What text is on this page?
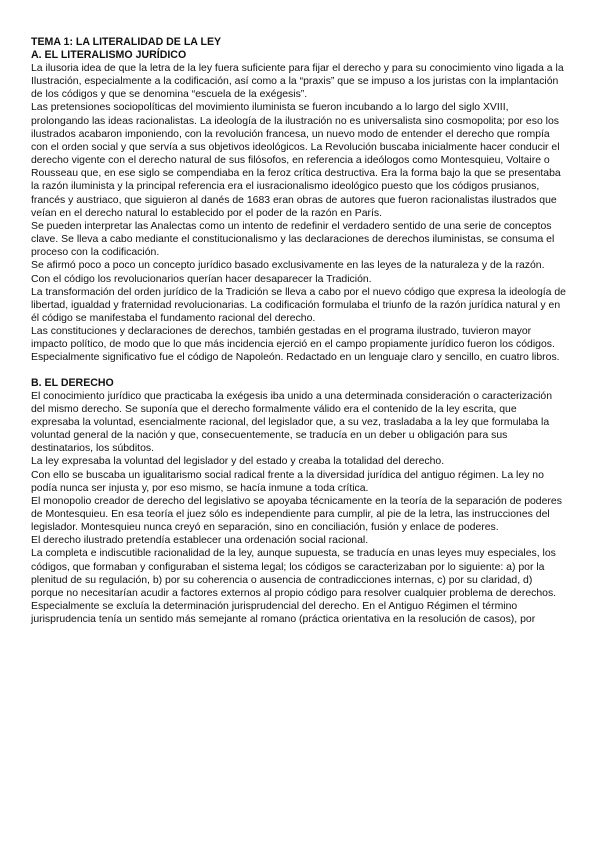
TEMA 1: LA LITERALIDAD DE LA LEY
A. EL LITERALISMO JURÍDICO

La ilusoria idea de que la letra de la ley fuera suficiente para fijar el derecho y para su conocimiento vino ligada a la Ilustración, especialmente a la codificación, así como a la “praxis” que se impuso a los juristas con la implantación de los códigos y que se denomina “escuela de la exégesis”.

Las pretensiones sociopolíticas del movimiento iluminista se fueron incubando a lo largo del siglo XVIII, prolongando las ideas racionalistas. La ideología de la ilustración no es universalista sino cosmopolita; por eso los ilustrados acabaron imponiendo, con la revolución francesa, un nuevo modo de entender el derecho que rompía con el orden social y que servía a sus objetivos ideológicos. La Revolución buscaba inicialmente hacer conducir el derecho vigente con el derecho natural de sus filósofos, en referencia a ideólogos como Montesquieu, Voltaire o Rousseau que, en ese siglo se compendiaba en la feroz crítica destructiva. Era la forma bajo la que se presentaba la razón iluminista y la principal referencia era el iusracionalismo ideológico puesto que los códigos prusianos, francés y austriaco, que siguieron al danés de 1683 eran obras de autores que fueron racionalistas ilustrados que veían en el derecho natural lo establecido por el poder de la razón en París.

Se pueden interpretar las Analectas como un intento de redefinir el verdadero sentido de una serie de conceptos clave. Se lleva a cabo mediante el constitucionalismo y las declaraciones de derechos iluministas, se consuma el proceso con la codificación.

Se afirmó poco a poco un concepto jurídico basado exclusivamente en las leyes de la naturaleza y de la razón.

Con el código los revolucionarios querían hacer desaparecer la Tradición.

La transformación del orden jurídico de la Tradición se lleva a cabo por el nuevo código que expresa la ideología de libertad, igualdad y fraternidad revolucionarias. La codificación formulaba el triunfo de la razón jurídica natural y en él código se manifestaba el fundamento racional del derecho.

Las constituciones y declaraciones de derechos, también gestadas en el programa ilustrado, tuvieron mayor impacto político, de modo que lo que más incidencia ejerció en el campo propiamente jurídico fueron los códigos. Especialmente significativo fue el código de Napoleón. Redactado en un lenguaje claro y sencillo, en cuatro libros.

B. EL DERECHO

El conocimiento jurídico que practicaba la exégesis iba unido a una determinada consideración o caracterización del mismo derecho. Se suponía que el derecho formalmente válido era el contenido de la ley escrita, que expresaba la voluntad, esencialmente racional, del legislador que, a su vez, trasladaba a la ley que formulaba la voluntad general de la nación y que, consecuentemente, se traducía en un deber u obligación para sus destinatarios, los súbditos.

La ley expresaba la voluntad del legislador y del estado y creaba la totalidad del derecho.

Con ello se buscaba un igualitarismo social radical frente a la diversidad jurídica del antiguo régimen. La ley no podía nunca ser injusta y, por eso mismo, se hacía inmune a toda crítica.

El monopolio creador de derecho del legislativo se apoyaba técnicamente en la teoría de la separación de poderes de Montesquieu. En esa teoría el juez sólo es independiente para cumplir, al pie de la letra, las instrucciones del legislador. Montesquieu nunca creyó en separación, sino en conciliación, fusión y enlace de poderes.

El derecho ilustrado pretendía establecer una ordenación social racional.

La completa e indiscutible racionalidad de la ley, aunque supuesta, se traducía en unas leyes muy especiales, los códigos, que formaban y configuraban el sistema legal; los códigos se caracterizaban por lo siguiente: a) por la plenitud de su regulación, b) por su coherencia o ausencia de contradicciones internas, c) por su claridad, d) porque no necesitarían acudir a factores externos al propio código para resolver cualquier problema de derechos.

Especialmente se excluía la determinación jurisprudencial del derecho. En el Antiguo Régimen el término jurisprudencia tenía un sentido más semejante al romano (práctica orientativa en la resolución de casos), por
